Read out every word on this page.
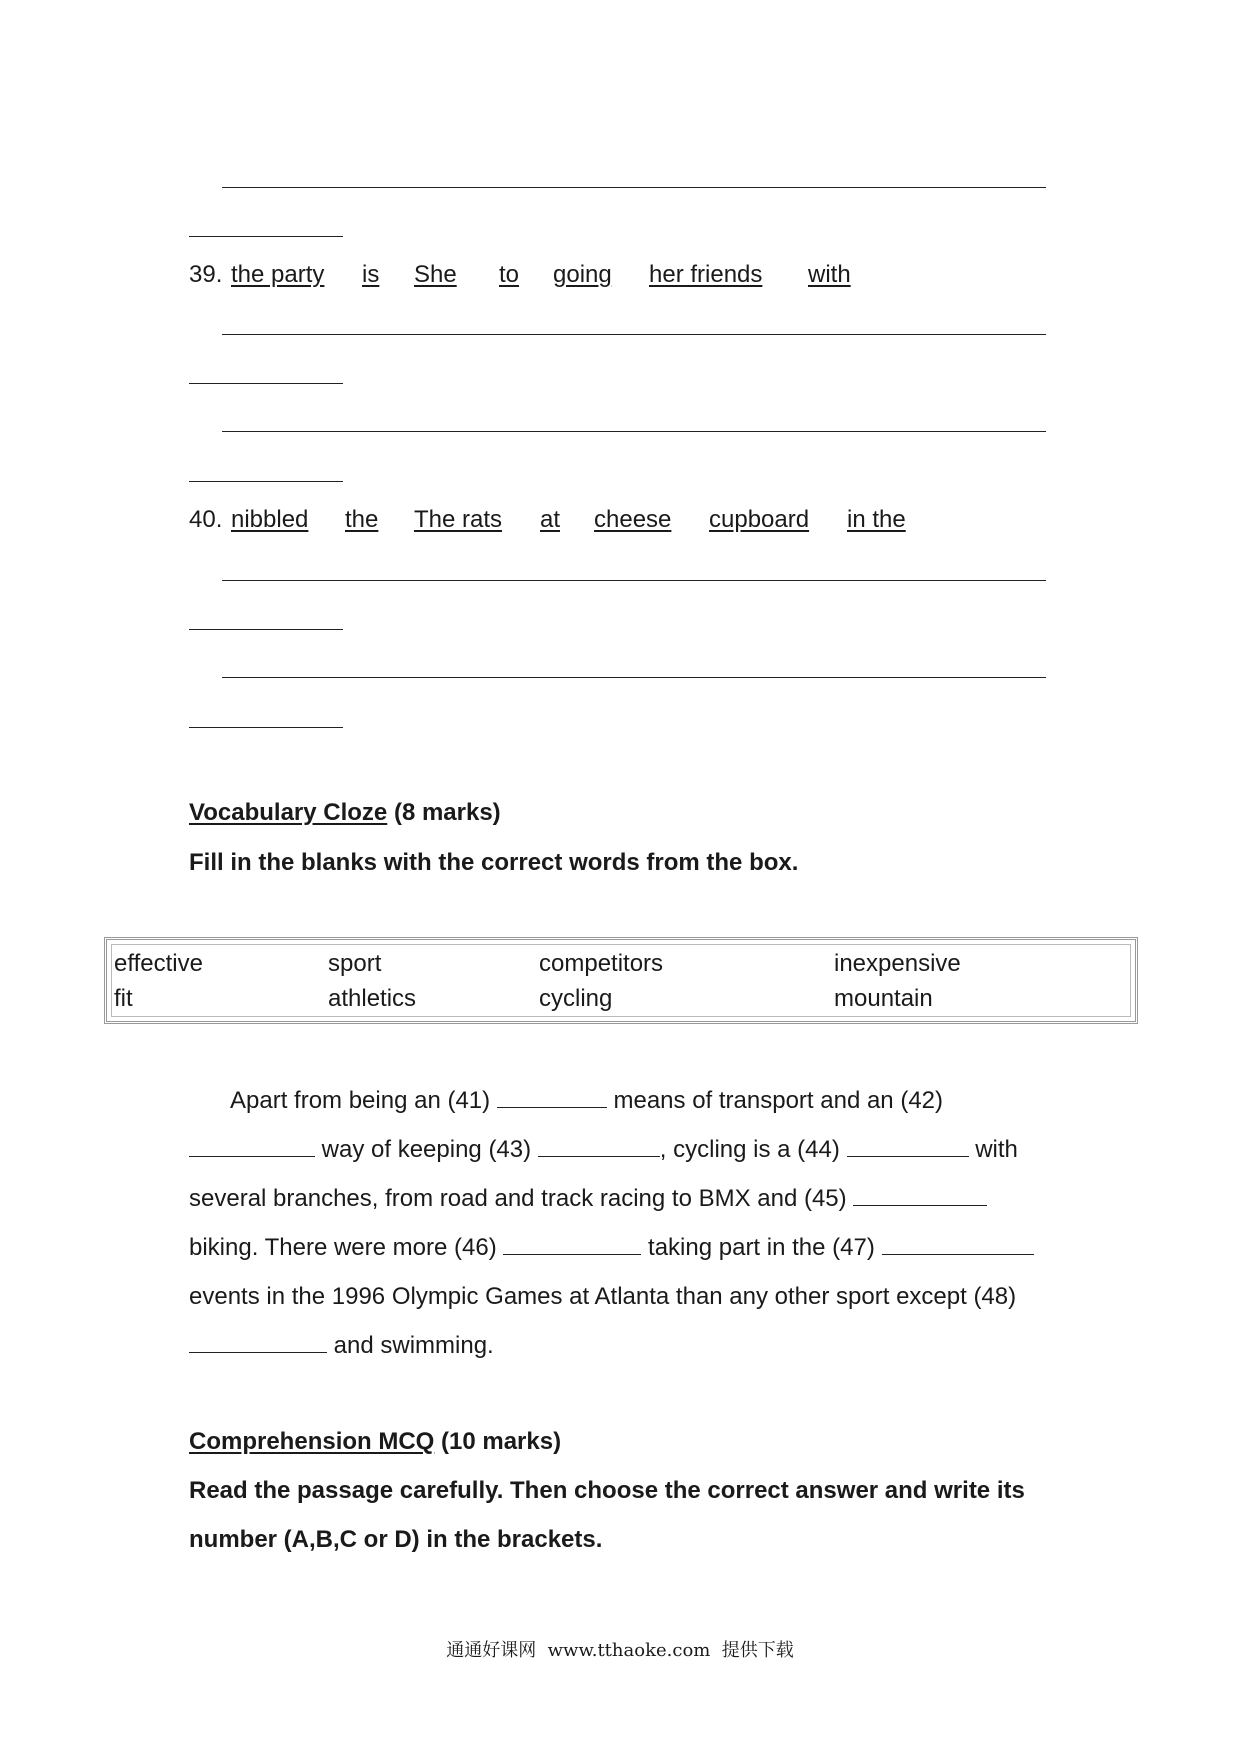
39. the party is She to going her friends with
40. nibbled the The rats at cheese cupboard in the
Vocabulary Cloze (8 marks)
Fill in the blanks with the correct words from the box.
effective	sport	competitors	inexpensive
fit	athletics	cycling	mountain
Apart from being an (41)	means of transport and an (42)
way of keeping (43)	, cycling is a (44)	with
several branches, from road and track racing to BMX and (45)
biking. There were more (46)	taking part in the (47)
events in the 1996 Olympic Games at Atlanta than any other sport except (48)
and swimming.
Comprehension MCQ (10 marks)
Read the passage carefully. Then choose the correct answer and write its
number (A,B,C or D) in the brackets.
通通好课网  www.tthaoke.com  提供下载
